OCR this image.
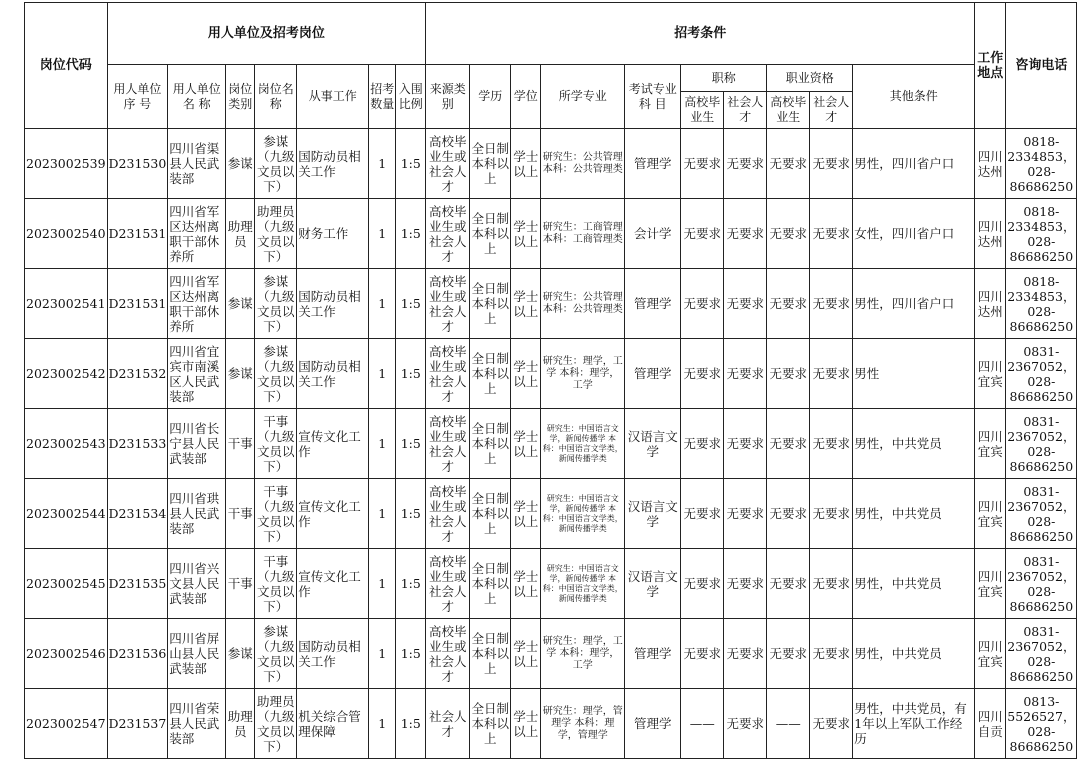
岗位代码	用人单位及招考岗位							招考条件										工作地点	咨询电话
	用人单位序 号	用人单位名 称	岗位类别	岗位名称	从事工作	招考数量	入围比例	来源类别	学历	学位	所学专业	考试专业科 目	职称		职业资格		其他条件		
													高校毕业生	社会人才	高校毕业生	社会人才			
2023002539	D231530	四川省渠县人民武装部	参谋	参谋（九级文员以下）	国防动员相关工作	1	1:5	高校毕业生或社会人才	全日制本科以上	学士以上	研究生：公共管理 本科：公共管理类	管理学	无要求	无要求	无要求	无要求	男性，四川省户口	四川达州	0818-2334853，028-86686250
2023002540	D231531	四川省军区达州离职干部休养所	助理员	助理员（九级文员以下）	财务工作	1	1:5	高校毕业生或社会人才	全日制本科以上	学士以上	研究生：工商管理 本科：工商管理类	会计学	无要求	无要求	无要求	无要求	女性，四川省户口	四川达州	0818-2334853，028-86686250
2023002541	D231531	四川省军区达州离职干部休养所	参谋	参谋（九级文员以下）	国防动员相关工作	1	1:5	高校毕业生或社会人才	全日制本科以上	学士以上	研究生：公共管理 本科：公共管理类	管理学	无要求	无要求	无要求	无要求	男性，四川省户口	四川达州	0818-2334853，028-86686250
2023002542	D231532	四川省宜宾市南溪区人民武装部	参谋	参谋（九级文员以下）	国防动员相关工作	1	1:5	高校毕业生或社会人才	全日制本科以上	学士以上	研究生：理学，工学 本科：理学，工学	管理学	无要求	无要求	无要求	无要求	男性	四川宜宾	0831-2367052，028-86686250
2023002543	D231533	四川省长宁县人民武装部	干事	干事（九级文员以下）	宣传文化工作	1	1:5	高校毕业生或社会人才	全日制本科以上	学士以上	研究生：中国语言文学，新闻传播学 本科：中国语言文学类，新闻传播学类	汉语言文学	无要求	无要求	无要求	无要求	男性，中共党员	四川宜宾	0831-2367052，028-86686250
2023002544	D231534	四川省珙县人民武装部	干事	干事（九级文员以下）	宣传文化工作	1	1:5	高校毕业生或社会人才	全日制本科以上	学士以上	研究生：中国语言文学，新闻传播学 本科：中国语言文学类，新闻传播学类	汉语言文学	无要求	无要求	无要求	无要求	男性，中共党员	四川宜宾	0831-2367052，028-86686250
2023002545	D231535	四川省兴文县人民武装部	干事	干事（九级文员以下）	宣传文化工作	1	1:5	高校毕业生或社会人才	全日制本科以上	学士以上	研究生：中国语言文学，新闻传播学 本科：中国语言文学类，新闻传播学类	汉语言文学	无要求	无要求	无要求	无要求	男性，中共党员	四川宜宾	0831-2367052，028-86686250
2023002546	D231536	四川省屏山县人民武装部	参谋	参谋（九级文员以下）	国防动员相关工作	1	1:5	高校毕业生或社会人才	全日制本科以上	学士以上	研究生：理学，工学 本科：理学，工学	管理学	无要求	无要求	无要求	无要求	男性，中共党员	四川宜宾	0831-2367052，028-86686250
2023002547	D231537	四川省荣县人民武装部	助理员	助理员（九级文员以下）	机关综合管理保障	1	1:5	社会人才	全日制本科以上	学士以上	研究生：理学，管理学 本科：理学，管理学	管理学	——	无要求	——	无要求	男性，中共党员，有1年以上军队工作经历	四川自贡	0813-5526527，028-86686250
